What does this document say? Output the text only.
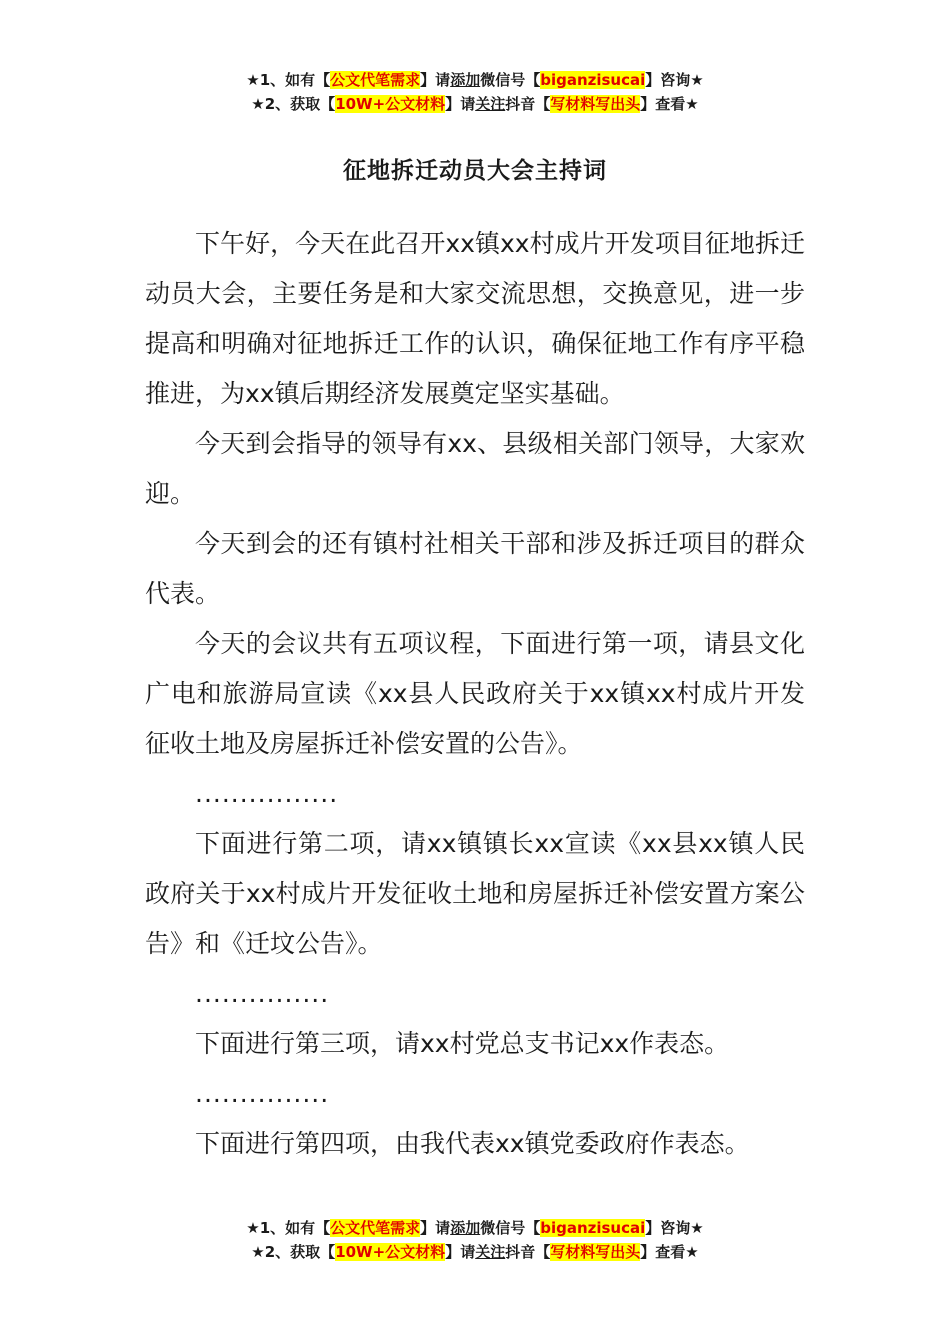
★1、如有【公文代笔需求】请添加微信号【biganzisucai】咨询★
★2、获取【10W+公文材料】请关注抖音【写材料写出头】查看★
征地拆迁动员大会主持词

下午好，今天在此召开xx镇xx村成片开发项目征地拆迁动员大会，主要任务是和大家交流思想，交换意见，进一步提高和明确对征地拆迁工作的认识，确保征地工作有序平稳推进，为xx镇后期经济发展奠定坚实基础。

今天到会指导的领导有xx、县级相关部门领导，大家欢迎。

今天到会的还有镇村社相关干部和涉及拆迁项目的群众代表。

今天的会议共有五项议程，下面进行第一项，请县文化广电和旅游局宣读《xx县人民政府关于xx镇xx村成片开发征收土地及房屋拆迁补偿安置的公告》。

................

下面进行第二项，请xx镇镇长xx宣读《xx县xx镇人民政府关于xx村成片开发征收土地和房屋拆迁补偿安置方案公告》和《迁坟公告》。

...............

下面进行第三项，请xx村党总支书记xx作表态。

...............

下面进行第四项，由我代表xx镇党委政府作表态。

★1、如有【公文代笔需求】请添加微信号【biganzisucai】咨询★
★2、获取【10W+公文材料】请关注抖音【写材料写出头】查看★
